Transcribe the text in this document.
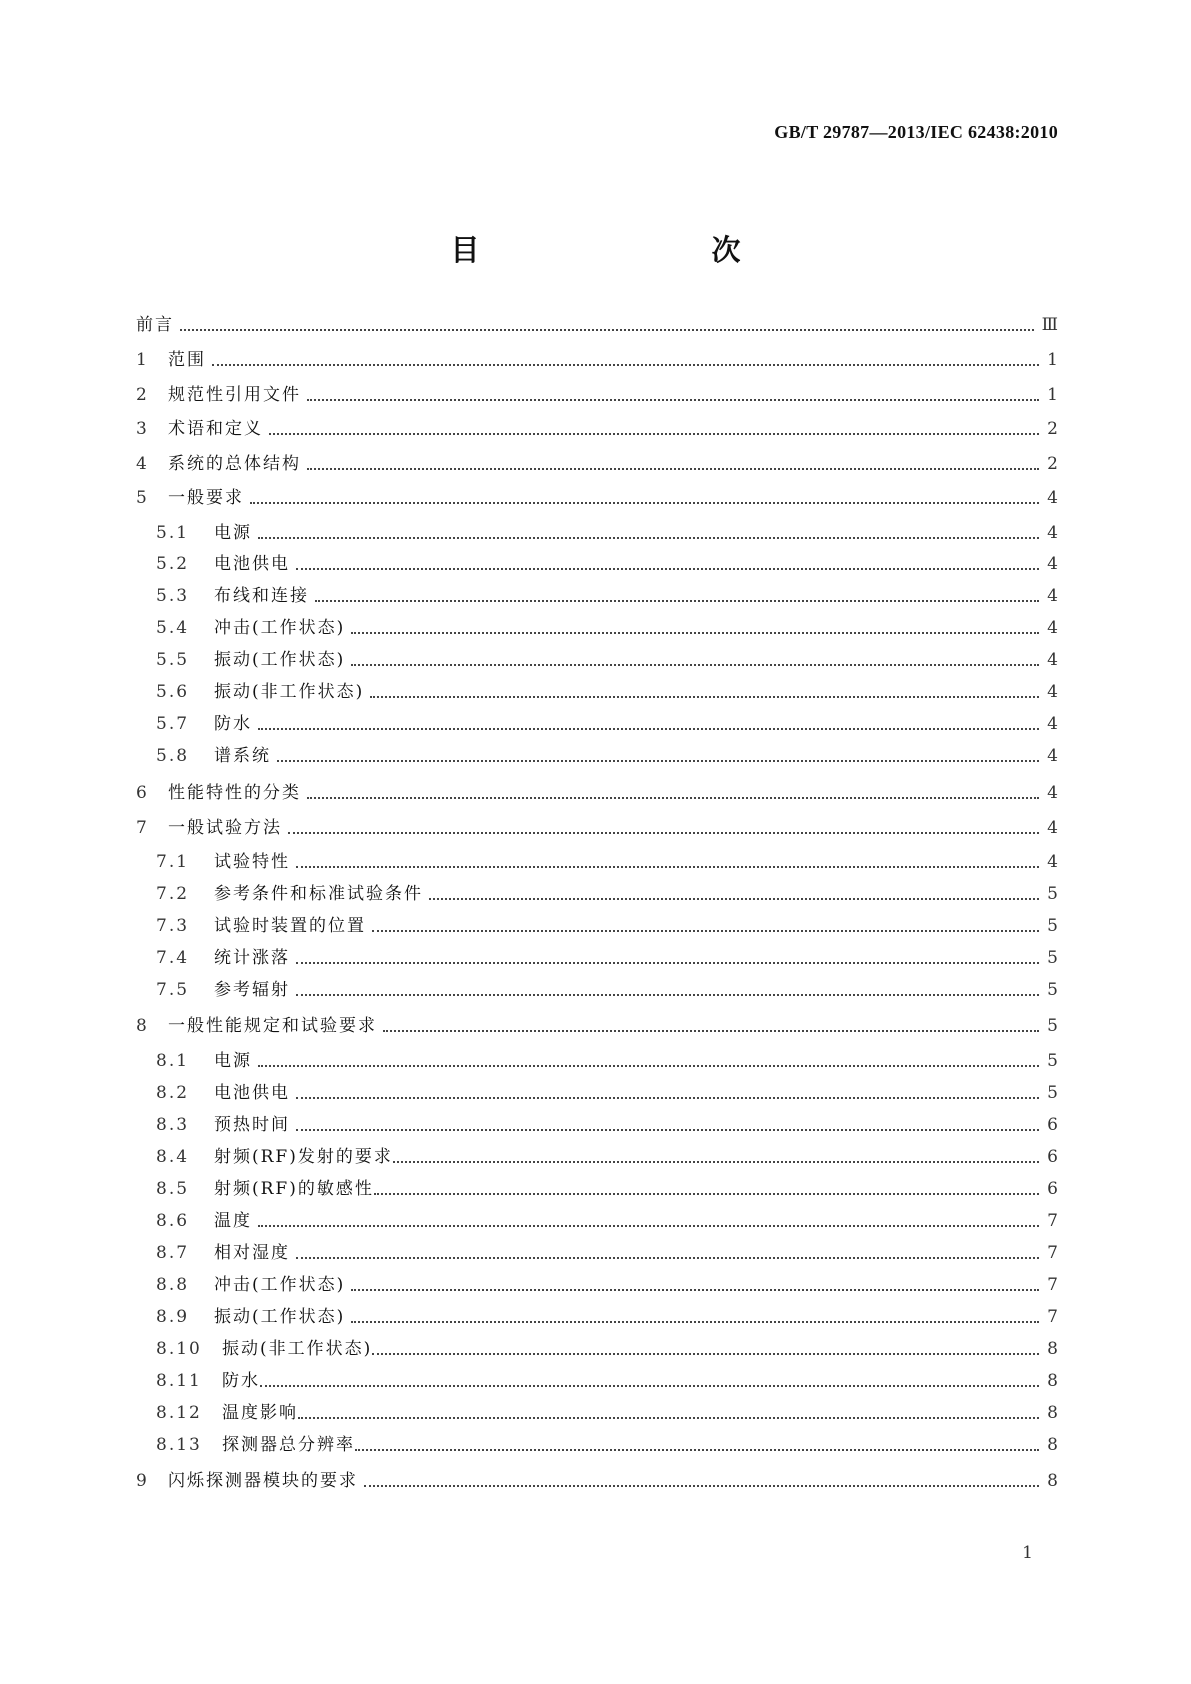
GB/T 29787—2013/IEC 62438:2010
目　　次
前言	Ⅲ
1	范围	1
2	规范性引用文件	1
3	术语和定义	2
4	系统的总体结构	2
5	一般要求	4
5.1	电源	4
5.2	电池供电	4
5.3	布线和连接	4
5.4	冲击(工作状态)	4
5.5	振动(工作状态)	4
5.6	振动(非工作状态)	4
5.7	防水	4
5.8	谱系统	4
6	性能特性的分类	4
7	一般试验方法	4
7.1	试验特性	4
7.2	参考条件和标准试验条件	5
7.3	试验时装置的位置	5
7.4	统计涨落	5
7.5	参考辐射	5
8	一般性能规定和试验要求	5
8.1	电源	5
8.2	电池供电	5
8.3	预热时间	6
8.4	射频(RF)发射的要求	6
8.5	射频(RF)的敏感性	6
8.6	温度	7
8.7	相对湿度	7
8.8	冲击(工作状态)	7
8.9	振动(工作状态)	7
8.10	振动(非工作状态)	8
8.11	防水	8
8.12	温度影响	8
8.13	探测器总分辨率	8
9	闪烁探测器模块的要求	8
1
